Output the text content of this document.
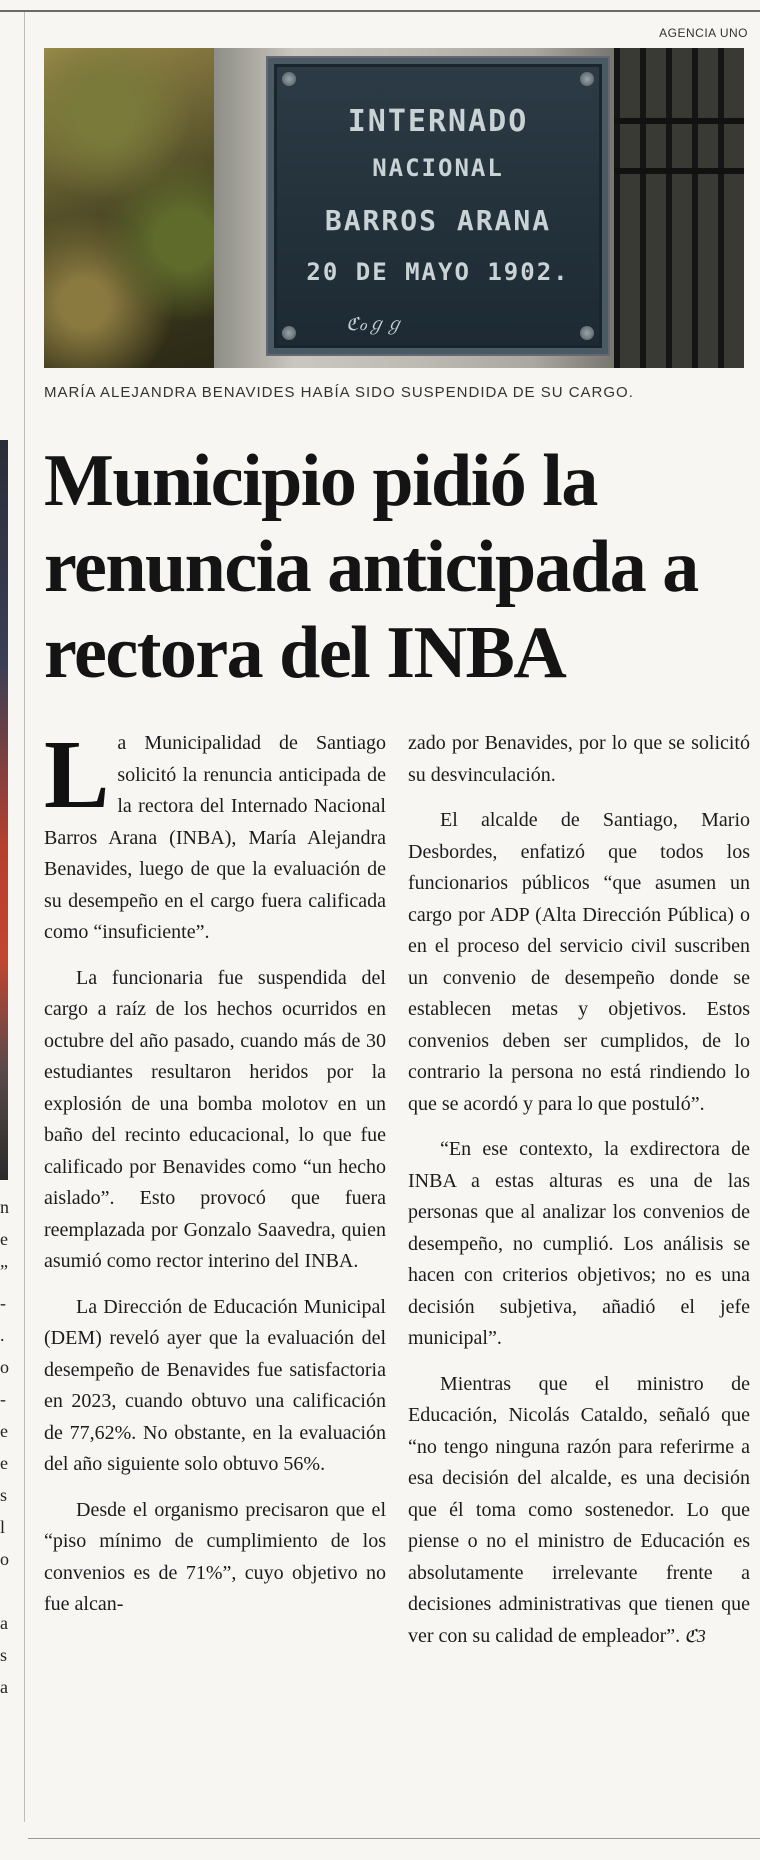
AGENCIA UNO
n
e
”
-
.
o
-
e
e
s
l
o
a
s
a
INTERNADO
NACIONAL
BARROS ARANA
20 DE MAYO 1902.
ℭℴℊℊ
MARÍA ALEJANDRA BENAVIDES HABÍA SIDO SUSPENDIDA DE SU CARGO.
Municipio pidió la renuncia anticipada a rectora del INBA

La Municipalidad de Santiago solicitó la renuncia anticipada de la rectora del Internado Nacional Barros Arana (INBA), María Alejandra Benavides, luego de que la evaluación de su desempeño en el cargo fuera calificada como “insuficiente”.

La funcionaria fue suspendida del cargo a raíz de los hechos ocurridos en octubre del año pasado, cuando más de 30 estudiantes resultaron heridos por la explosión de una bomba molotov en un baño del recinto educacional, lo que fue calificado por Benavides como “un hecho aislado”. Esto provocó que fuera reemplazada por Gonzalo Saavedra, quien asumió como rector interino del INBA.

La Dirección de Educación Municipal (DEM) reveló ayer que la evaluación del desempeño de Benavides fue satisfactoria en 2023, cuando obtuvo una calificación de 77,62%. No obstante, en la evaluación del año siguiente solo obtuvo 56%.

Desde el organismo precisaron que el “piso mínimo de cumplimiento de los convenios es de 71%”, cuyo objetivo no fue alcan-

zado por Benavides, por lo que se solicitó su desvinculación.

El alcalde de Santiago, Mario Desbordes, enfatizó que todos los funcionarios públicos “que asumen un cargo por ADP (Alta Dirección Pública) o en el proceso del servicio civil suscriben un convenio de desempeño donde se establecen metas y objetivos. Estos convenios deben ser cumplidos, de lo contrario la persona no está rindiendo lo que se acordó y para lo que postuló”.

“En ese contexto, la exdirectora de INBA a estas alturas es una de las personas que al analizar los convenios de desempeño, no cumplió. Los análisis se hacen con criterios objetivos; no es una decisión subjetiva, añadió el jefe municipal”.

Mientras que el ministro de Educación, Nicolás Cataldo, señaló que “no tengo ninguna razón para referirme a esa decisión del alcalde, es una decisión que él toma como sostenedor. Lo que piense o no el ministro de Educación es absolutamente irrelevante frente a decisiones administrativas que tienen que ver con su calidad de empleador”. ℭ3
